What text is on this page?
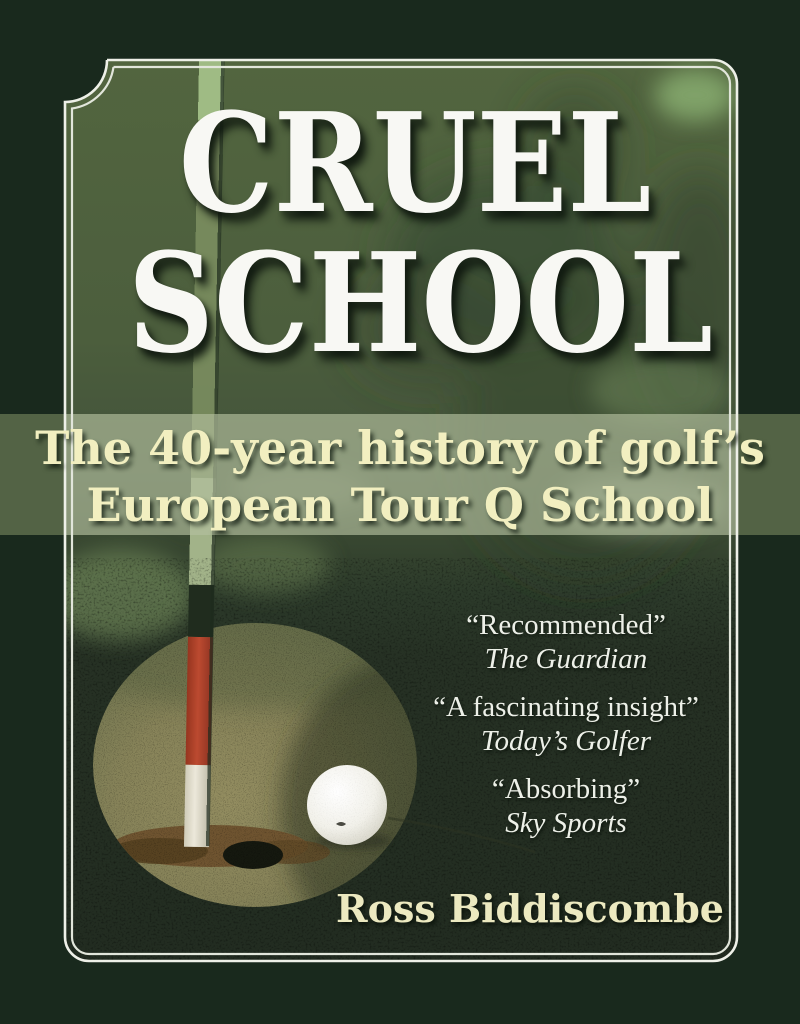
CRUEL
SCHOOL
The 40-year history of golf’s
European Tour Q School
“Recommended”
The Guardian
“A fascinating insight”
Today’s Golfer
“Absorbing”
Sky Sports
Ross Biddiscombe
